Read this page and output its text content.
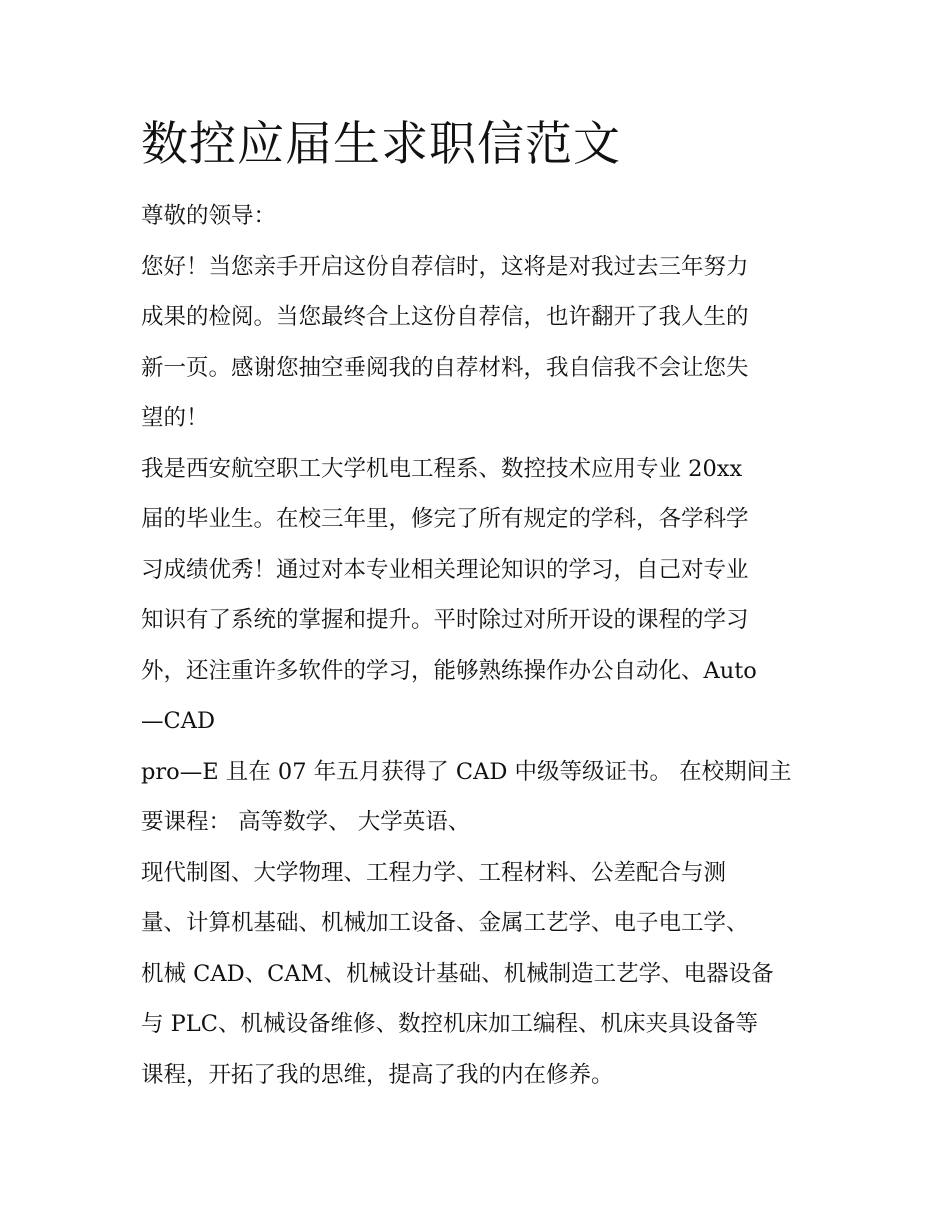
数控应届生求职信范文
尊敬的领导：
您好！当您亲手开启这份自荐信时，这将是对我过去三年努力
成果的检阅。当您最终合上这份自荐信，也许翻开了我人生的
新一页。感谢您抽空垂阅我的自荐材料，我自信我不会让您失
望的！
我是西安航空职工大学机电工程系、数控技术应用专业 20xx
届的毕业生。在校三年里，修完了所有规定的学科，各学科学
习成绩优秀！通过对本专业相关理论知识的学习，自己对专业
知识有了系统的掌握和提升。平时除过对所开设的课程的学习
外，还注重许多软件的学习，能够熟练操作办公自动化、Auto
—CAD
pro—E 且在 07 年五月获得了 CAD 中级等级证书。 在校期间主
要课程： 高等数学、 大学英语、
现代制图、大学物理、工程力学、工程材料、公差配合与测
量、计算机基础、机械加工设备、金属工艺学、电子电工学、
机械 CAD、CAM、机械设计基础、机械制造工艺学、电器设备
与 PLC、机械设备维修、数控机床加工编程、机床夹具设备等
课程，开拓了我的思维，提高了我的内在修养。
